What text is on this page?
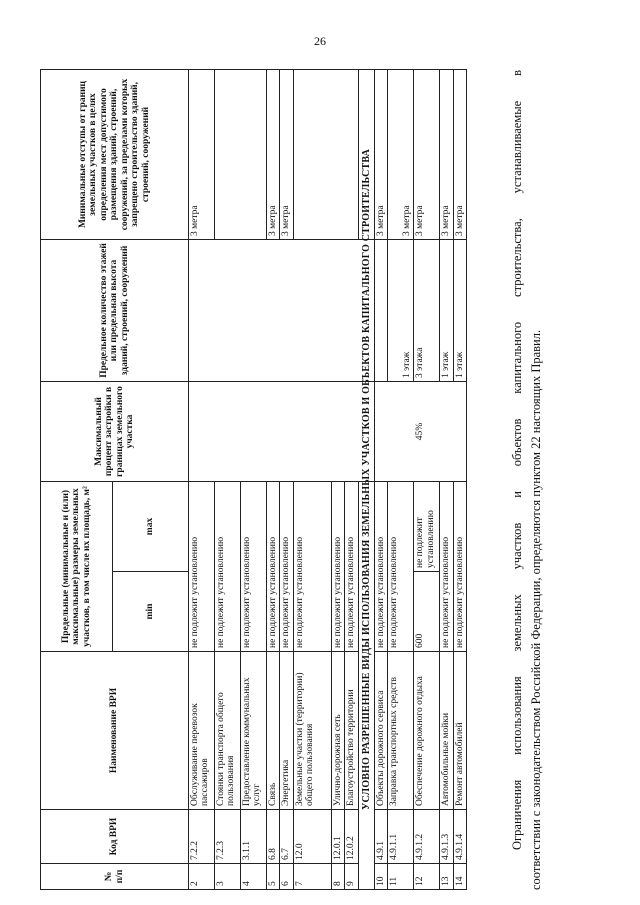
26
№ п/п	Код ВРИ	Наименование ВРИ	Предельные (минимальные и (или) максимальные) размеры земельных участков, в том числе их площадь, м²		Максимальный процент застройки в границах земельного участка	Предельное количество этажей или предельная высота зданий, строений, сооружений	Минимальные отступы от границ земельных участков в целях определения мест допустимого размещения зданий, строений, сооружений, за пределами которых запрещено строительство зданий, строений, сооружений
			min	max			
2	7.2.2	Обслуживание перевозок пассажиров	не подлежит установлению				3 метра
3	7.2.3	Стоянки транспорта общего пользования	не подлежит установлению				
4	3.1.1	Предоставление коммунальных услуг	не подлежит установлению				
5	6.8	Связь	не подлежит установлению				3 метра
6	6.7	Энергетика	не подлежит установлению				3 метра
7	12.0	Земельные участки (территории) общего пользования	не подлежит установлению				
8	12.0.1	Улично-дорожная сеть	не подлежит установлению				
9	12.0.2	Благоустройство территории	не подлежит установлению				
УСЛОВНО РАЗРЕШЕННЫЕ ВИДЫ ИСПОЛЬЗОВАНИЯ ЗЕМЕЛЬНЫХ УЧАСТКОВ И ОБЪЕКТОВ КАПИТАЛЬНОГО СТРОИТЕЛЬСТВА							
10	4.9.1	Объекты дорожного сервиса	не подлежит установлению		45%		3 метра
11	4.9.1.1	Заправка транспортных средств	не подлежит установлению			1 этаж	3 метра
12	4.9.1.2	Обеспечение дорожного отдыха	600	не подлежит установлению		3 этажа	3 метра
13	4.9.1.3	Автомобильные мойки	не подлежит установлению			1 этаж	3 метра
14	4.9.1.4	Ремонт автомобилей	не подлежит установлению			1 этаж	3 метра	Ограничения использования земельных участков и объектов капитального строительства, устанавливаемые в соответствии с законодательством Российской Федерации, определяются пунктом 22 настоящих Правил.
